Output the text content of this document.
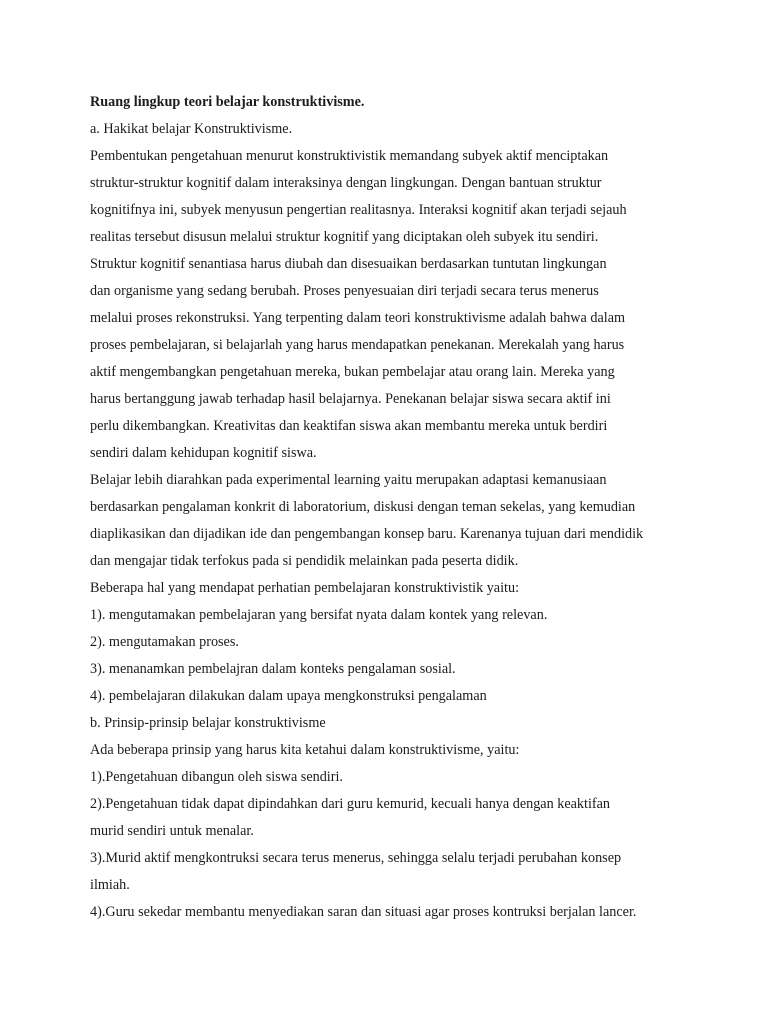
Ruang lingkup teori belajar konstruktivisme.
a. Hakikat belajar Konstruktivisme.
Pembentukan pengetahuan menurut konstruktivistik memandang subyek aktif menciptakan
struktur-struktur kognitif dalam interaksinya dengan lingkungan. Dengan bantuan struktur
kognitifnya ini, subyek menyusun pengertian realitasnya. Interaksi kognitif akan terjadi sejauh
realitas tersebut disusun melalui struktur kognitif yang diciptakan oleh subyek itu sendiri.
Struktur kognitif senantiasa harus diubah dan disesuaikan berdasarkan tuntutan lingkungan
dan organisme yang sedang berubah. Proses penyesuaian diri terjadi secara terus menerus
melalui proses rekonstruksi. Yang terpenting dalam teori konstruktivisme adalah bahwa dalam
proses pembelajaran, si belajarlah yang harus mendapatkan penekanan. Merekalah yang harus
aktif mengembangkan pengetahuan mereka, bukan pembelajar atau orang lain. Mereka yang
harus bertanggung jawab terhadap hasil belajarnya. Penekanan belajar siswa secara aktif ini
perlu dikembangkan. Kreativitas dan keaktifan siswa akan membantu mereka untuk berdiri
sendiri dalam kehidupan kognitif siswa.
Belajar lebih diarahkan pada experimental learning yaitu merupakan adaptasi kemanusiaan
berdasarkan pengalaman konkrit di laboratorium, diskusi dengan teman sekelas, yang kemudian
diaplikasikan dan dijadikan ide dan pengembangan konsep baru. Karenanya tujuan dari mendidik
dan mengajar tidak terfokus pada si pendidik melainkan pada peserta didik.
Beberapa hal yang mendapat perhatian pembelajaran konstruktivistik yaitu:
1). mengutamakan pembelajaran yang bersifat nyata dalam kontek yang relevan.
2). mengutamakan proses.
3). menanamkan pembelajran dalam konteks pengalaman sosial.
4). pembelajaran dilakukan dalam upaya mengkonstruksi pengalaman
b. Prinsip-prinsip belajar konstruktivisme
Ada beberapa prinsip yang harus kita ketahui dalam konstruktivisme, yaitu:
1).Pengetahuan dibangun oleh siswa sendiri.
2).Pengetahuan tidak dapat dipindahkan dari guru kemurid, kecuali hanya dengan keaktifan
murid sendiri untuk menalar.
3).Murid aktif mengkontruksi secara terus menerus, sehingga selalu terjadi perubahan konsep
ilmiah.
4).Guru sekedar membantu menyediakan saran dan situasi agar proses kontruksi berjalan lancer.
